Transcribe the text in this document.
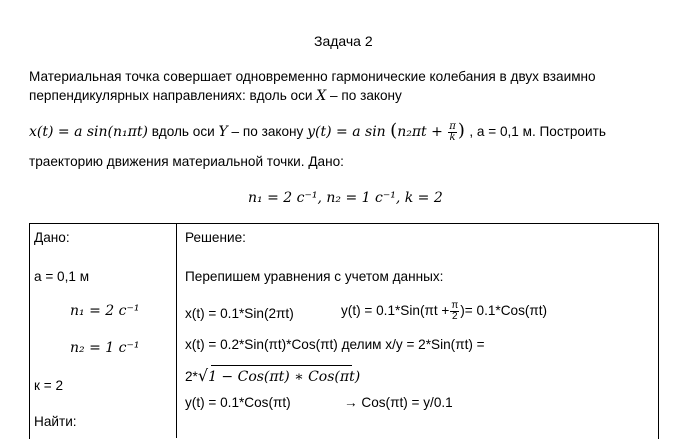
Задача 2
Материальная точка совершает одновременно гармонические колебания в двух взаимно
перпендикулярных направлениях: вдоль оси X – по закону
x(t) = a sin(n₁πt) вдоль оси Y – по закону y(t) = a $\sin (n_2\pi t + \frac{\pi}{k}$ ) , а = 0,1 м. Построить
траекторию движения материальной точки. Дано:
n₁ = 2 c⁻¹, n₂ = 1 c⁻¹, k = 2
Дано:
а = 0,1 м
n₁ = 2 c⁻¹
n₂ = 1 c⁻¹
к = 2
Найти:
Решение:
Перепишем уравнения с учетом данных:
x(t) = 0.1*Sin(2πt)	$y(t) = 0.1*Sin(\pi t + \frac{\pi}{2}$ )= 0.1*Cos(πt)
x(t) = 0.2*Sin(πt)*Cos(πt) делим x/y = 2*Sin(πt) =
2*√1 − Cos(πt) ∗ Cos(πt)
y(t) = 0.1*Cos(πt)	→ Cos(πt) = y/0.1
